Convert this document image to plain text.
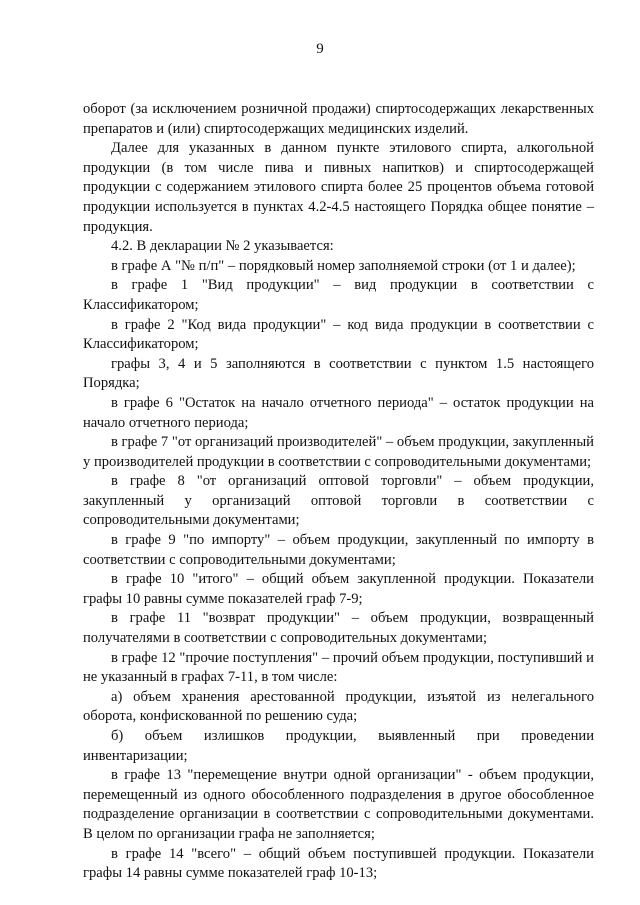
9

оборот (за исключением розничной продажи) спиртосодержащих лекарственных препаратов и (или) спиртосодержащих медицинских изделий.

Далее для указанных в данном пункте этилового спирта, алкогольной продукции (в том числе пива и пивных напитков) и спиртосодержащей продукции с содержанием этилового спирта более 25 процентов объема готовой продукции используется в пунктах 4.2-4.5 настоящего Порядка общее понятие – продукция.

4.2. В декларации № 2 указывается:

в графе А "№ п/п" – порядковый номер заполняемой строки (от 1 и далее);

в графе 1 "Вид продукции" – вид продукции в соответствии с Классификатором;

в графе 2 "Код вида продукции" – код вида продукции в соответствии с Классификатором;

графы 3, 4 и 5 заполняются в соответствии с пунктом 1.5 настоящего Порядка;

в графе 6 "Остаток на начало отчетного периода" – остаток продукции на начало отчетного периода;

в графе 7 "от организаций производителей" – объем продукции, закупленный у производителей продукции в соответствии с сопроводительными документами;

в графе 8 "от организаций оптовой торговли" – объем продукции, закупленный у организаций оптовой торговли в соответствии с сопроводительными документами;

в графе 9 "по импорту" – объем продукции, закупленный по импорту в соответствии с сопроводительными документами;

в графе 10 "итого" – общий объем закупленной продукции. Показатели графы 10 равны сумме показателей граф 7-9;

в графе 11 "возврат продукции" – объем продукции, возвращенный получателями в соответствии с сопроводительных документами;

в графе 12 "прочие поступления" – прочий объем продукции, поступивший и не указанный в графах 7-11, в том числе:

а) объем хранения арестованной продукции, изъятой из нелегального оборота, конфискованной по решению суда;

б) объем излишков продукции, выявленный при проведении инвентаризации;

в графе 13 "перемещение внутри одной организации" - объем продукции, перемещенный из одного обособленного подразделения в другое обособленное подразделение организации в соответствии с сопроводительными документами. В целом по организации графа не заполняется;

в графе 14 "всего" – общий объем поступившей продукции. Показатели графы 14 равны сумме показателей граф 10-13;
